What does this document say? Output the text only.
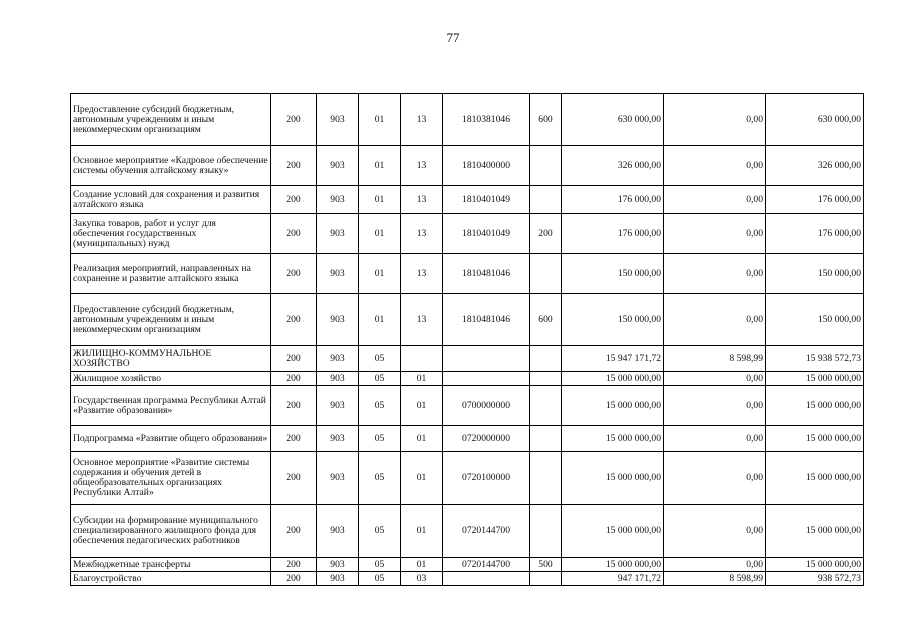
77
Предоставление субсидий бюджетным, автономным учреждениям и иным некоммерческим организациям	200	903	01	13	1810381046	600	630 000,00	0,00	630 000,00
Основное мероприятие «Кадровое обеспечение системы обучения алтайскому языку»	200	903	01	13	1810400000		326 000,00	0,00	326 000,00
Создание условий для сохранения и развития алтайского языка	200	903	01	13	1810401049		176 000,00	0,00	176 000,00
Закупка товаров, работ и услуг для обеспечения государственных (муниципальных) нужд	200	903	01	13	1810401049	200	176 000,00	0,00	176 000,00
Реализация мероприятий, направленных на сохранение и развитие алтайского языка	200	903	01	13	1810481046		150 000,00	0,00	150 000,00
Предоставление субсидий бюджетным, автономным учреждениям и иным некоммерческим организациям	200	903	01	13	1810481046	600	150 000,00	0,00	150 000,00
ЖИЛИЩНО-КОММУНАЛЬНОЕ ХОЗЯЙСТВО	200	903	05				15 947 171,72	8 598,99	15 938 572,73
Жилищное хозяйство	200	903	05	01			15 000 000,00	0,00	15 000 000,00
Государственная программа Республики Алтай «Развитие образования»	200	903	05	01	0700000000		15 000 000,00	0,00	15 000 000,00
Подпрограмма «Развитие общего образования»	200	903	05	01	0720000000		15 000 000,00	0,00	15 000 000,00
Основное мероприятие «Развитие системы содержания и обучения детей в общеобразовательных организациях Республики Алтай»	200	903	05	01	0720100000		15 000 000,00	0,00	15 000 000,00
Субсидии на формирование муниципального специализированного жилищного фонда для обеспечения педагогических работников	200	903	05	01	0720144700		15 000 000,00	0,00	15 000 000,00
Межбюджетные трансферты	200	903	05	01	0720144700	500	15 000 000,00	0,00	15 000 000,00
Благоустройство	200	903	05	03			947 171,72	8 598,99	938 572,73
